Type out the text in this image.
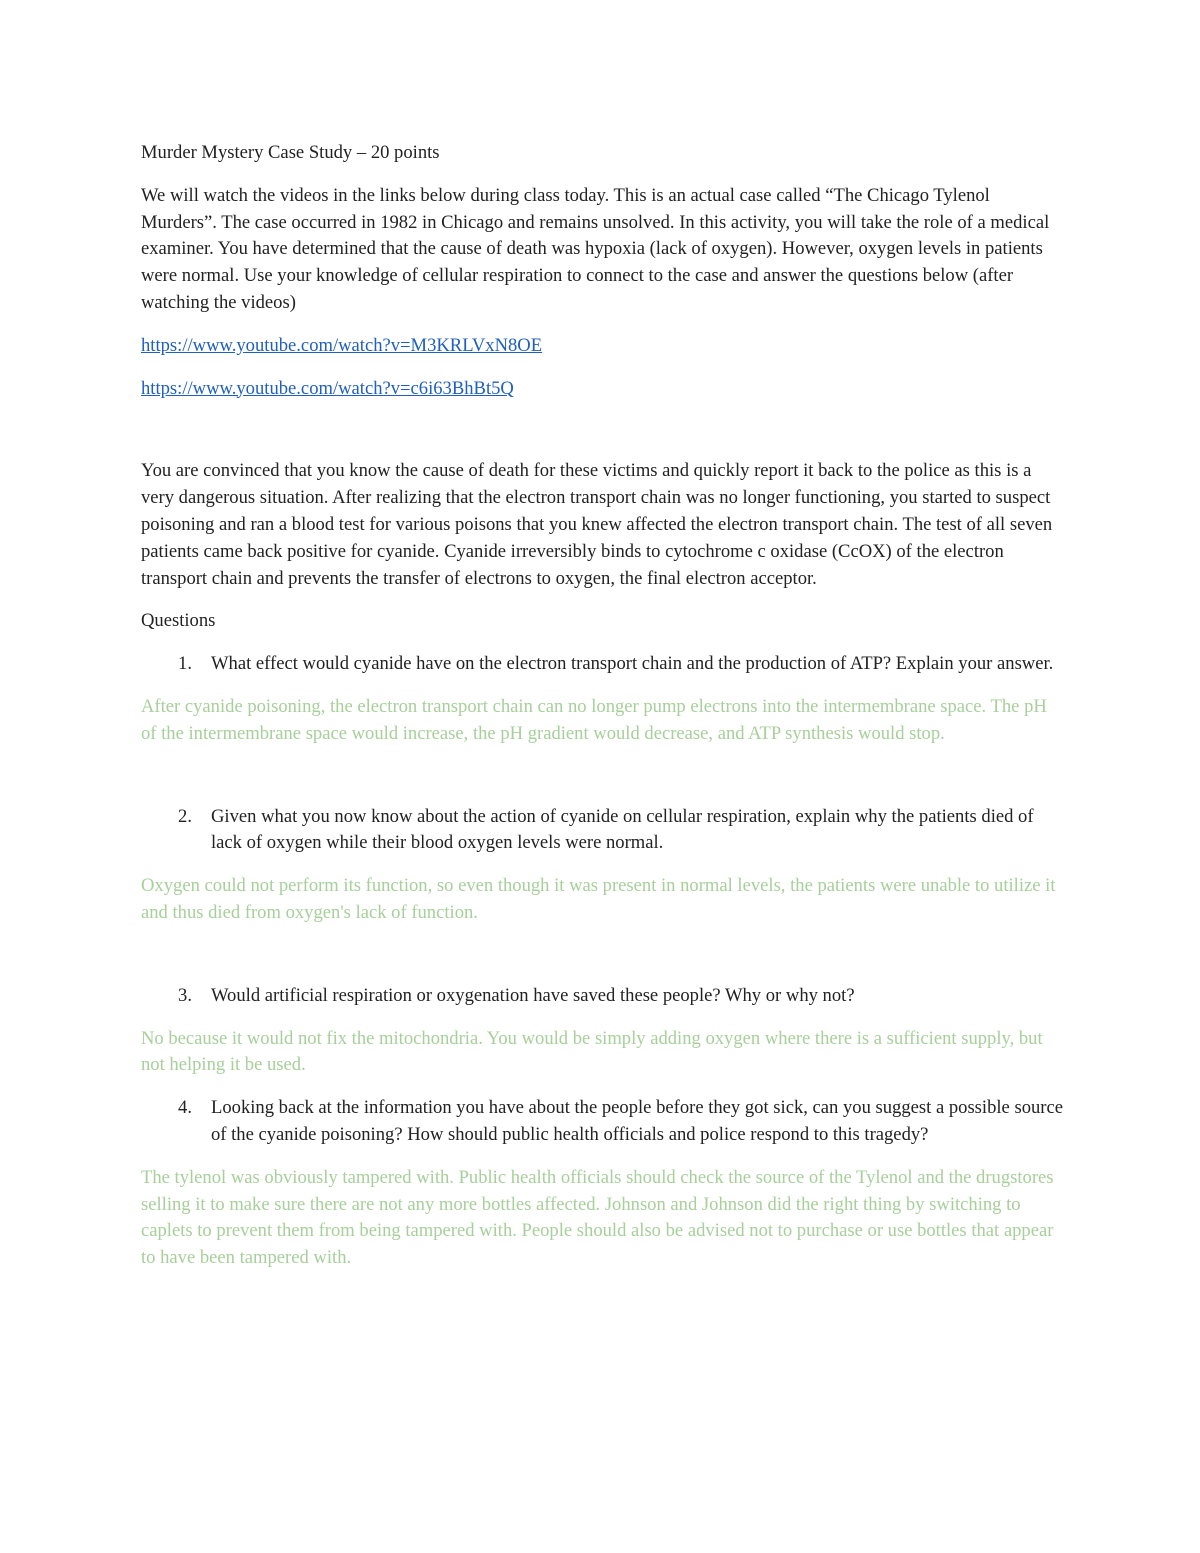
Murder Mystery Case Study – 20 points

We will watch the videos in the links below during class today. This is an actual case called “The Chicago Tylenol Murders”. The case occurred in 1982 in Chicago and remains unsolved. In this activity, you will take the role of a medical examiner. You have determined that the cause of death was hypoxia (lack of oxygen). However, oxygen levels in patients were normal. Use your knowledge of cellular respiration to connect to the case and answer the questions below (after watching the videos)

https://www.youtube.com/watch?v=M3KRLVxN8OE
https://www.youtube.com/watch?v=c6i63BhBt5Q

You are convinced that you know the cause of death for these victims and quickly report it back to the police as this is a very dangerous situation. After realizing that the electron transport chain was no longer functioning, you started to suspect poisoning and ran a blood test for various poisons that you knew affected the electron transport chain. The test of all seven patients came back positive for cyanide. Cyanide irreversibly binds to cytochrome c oxidase (CcOX) of the electron transport chain and prevents the transfer of electrons to oxygen, the final electron acceptor.

Questions

1.	What effect would cyanide have on the electron transport chain and the production of ATP? Explain your answer.

After cyanide poisoning, the electron transport chain can no longer pump electrons into the intermembrane space. The pH of the intermembrane space would increase, the pH gradient would decrease, and ATP synthesis would stop.

2.	Given what you now know about the action of cyanide on cellular respiration, explain why the patients died of lack of oxygen while their blood oxygen levels were normal.

Oxygen could not perform its function, so even though it was present in normal levels, the patients were unable to utilize it and thus died from oxygen's lack of function.

3.	Would artificial respiration or oxygenation have saved these people? Why or why not?

No because it would not fix the mitochondria. You would be simply adding oxygen where there is a sufficient supply, but not helping it be used.

4.	Looking back at the information you have about the people before they got sick, can you suggest a possible source of the cyanide poisoning? How should public health officials and police respond to this tragedy?

The tylenol was obviously tampered with. Public health officials should check the source of the Tylenol and the drugstores selling it to make sure there are not any more bottles affected. Johnson and Johnson did the right thing by switching to caplets to prevent them from being tampered with. People should also be advised not to purchase or use bottles that appear to have been tampered with.
